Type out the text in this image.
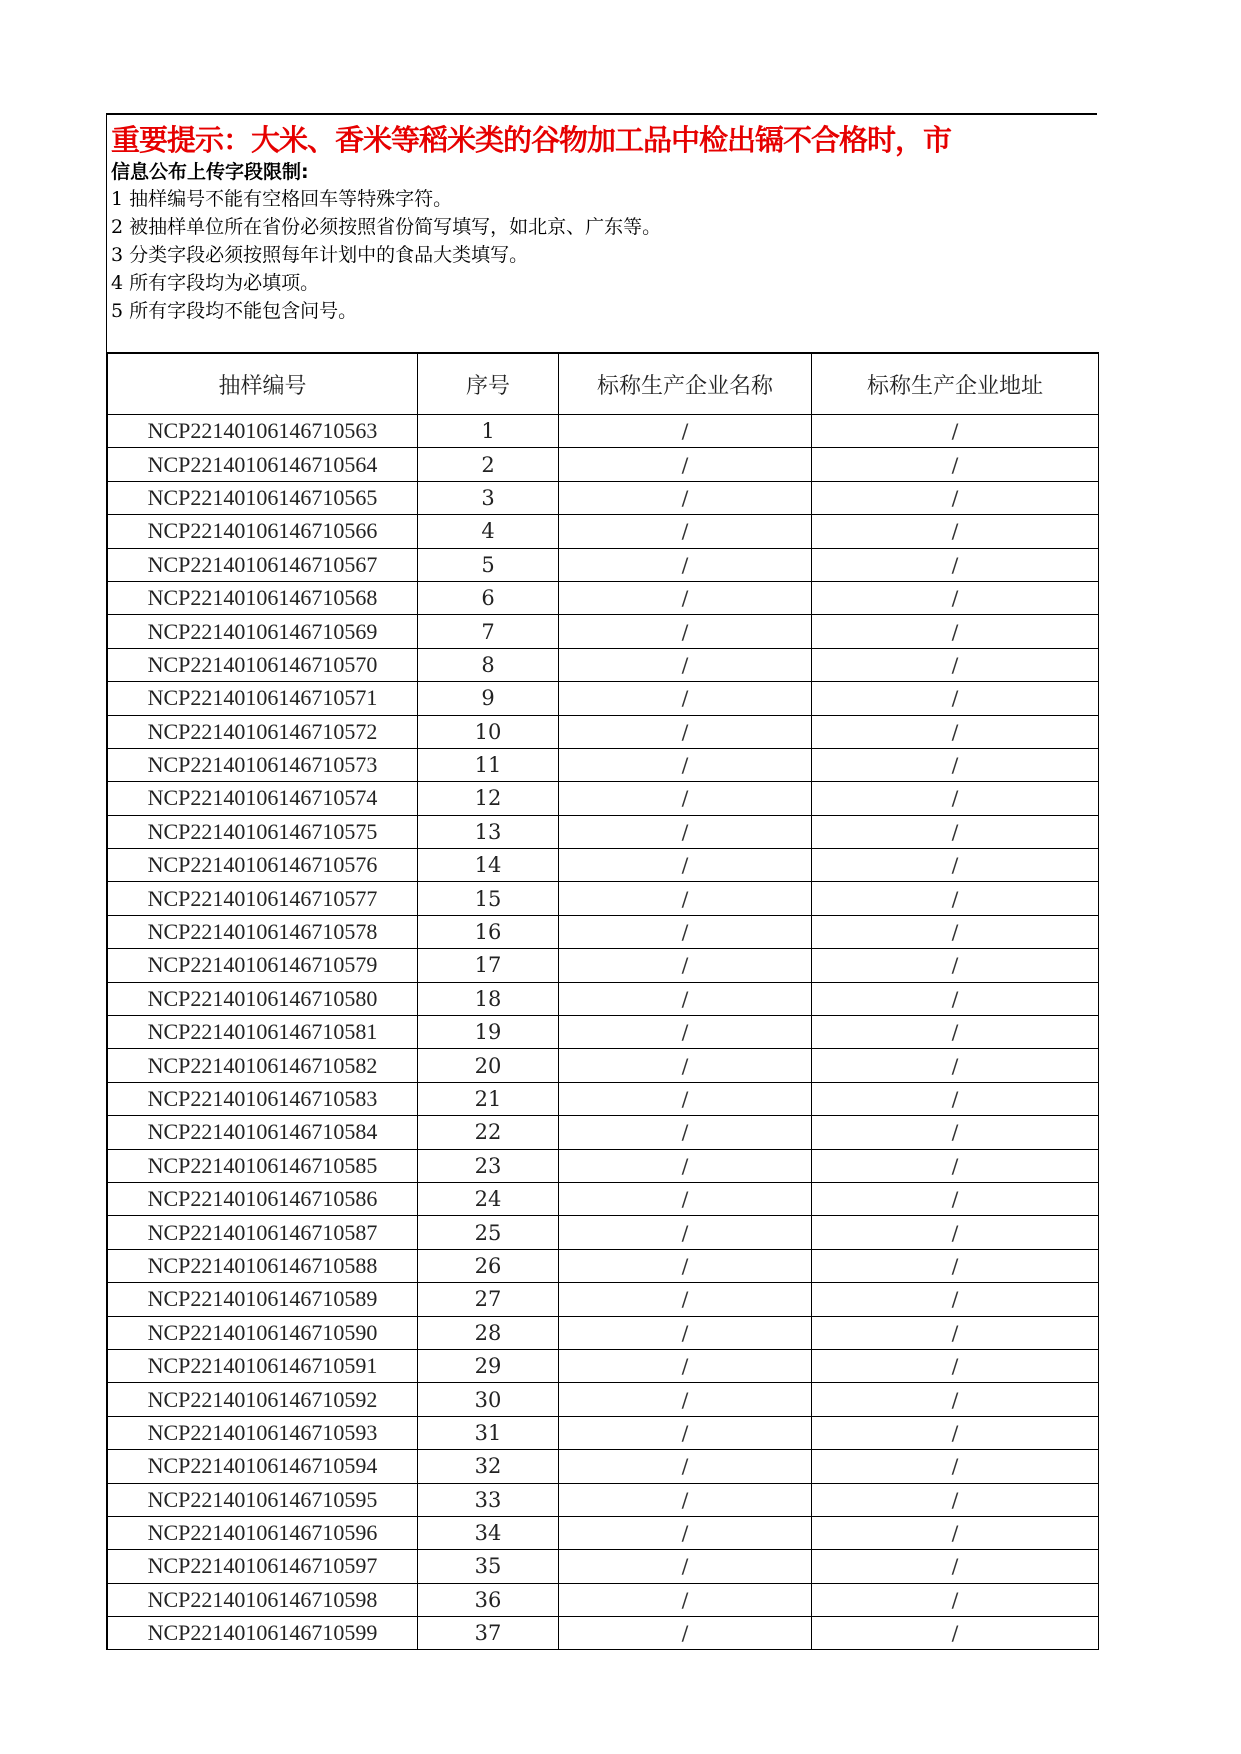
重要提示：大米、香米等稻米类的谷物加工品中检出镉不合格时，市
信息公布上传字段限制:
1 抽样编号不能有空格回车等特殊字符。
2 被抽样单位所在省份必须按照省份简写填写，如北京、广东等。
3 分类字段必须按照每年计划中的食品大类填写。
4 所有字段均为必填项。
5 所有字段均不能包含问号。
抽样编号	序号	标称生产企业名称	标称生产企业地址
NCP22140106146710563	1	/	/
NCP22140106146710564	2	/	/
NCP22140106146710565	3	/	/
NCP22140106146710566	4	/	/
NCP22140106146710567	5	/	/
NCP22140106146710568	6	/	/
NCP22140106146710569	7	/	/
NCP22140106146710570	8	/	/
NCP22140106146710571	9	/	/
NCP22140106146710572	10	/	/
NCP22140106146710573	11	/	/
NCP22140106146710574	12	/	/
NCP22140106146710575	13	/	/
NCP22140106146710576	14	/	/
NCP22140106146710577	15	/	/
NCP22140106146710578	16	/	/
NCP22140106146710579	17	/	/
NCP22140106146710580	18	/	/
NCP22140106146710581	19	/	/
NCP22140106146710582	20	/	/
NCP22140106146710583	21	/	/
NCP22140106146710584	22	/	/
NCP22140106146710585	23	/	/
NCP22140106146710586	24	/	/
NCP22140106146710587	25	/	/
NCP22140106146710588	26	/	/
NCP22140106146710589	27	/	/
NCP22140106146710590	28	/	/
NCP22140106146710591	29	/	/
NCP22140106146710592	30	/	/
NCP22140106146710593	31	/	/
NCP22140106146710594	32	/	/
NCP22140106146710595	33	/	/
NCP22140106146710596	34	/	/
NCP22140106146710597	35	/	/
NCP22140106146710598	36	/	/
NCP22140106146710599	37	/	/
